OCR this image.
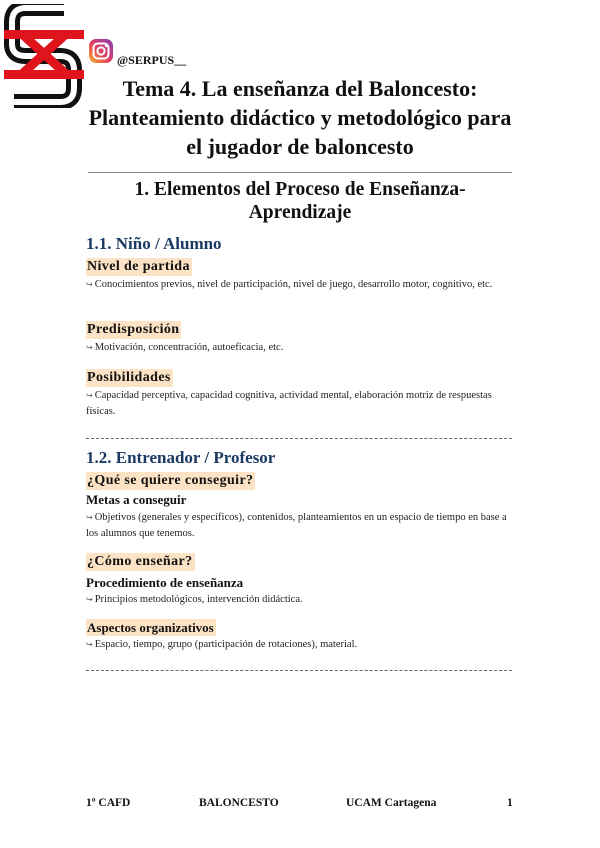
@SERPUS__
Tema 4. La enseñanza del Baloncesto: Planteamiento didáctico y metodológico para el jugador de baloncesto
1. Elementos del Proceso de Enseñanza-Aprendizaje
1.1. Niño / Alumno
Nivel de partida
↪ Conocimientos previos, nivel de participación, nivel de juego, desarrollo motor, cognitivo, etc.
Predisposición
↪ Motivación, concentración, autoeficacia, etc.
Posibilidades
↪ Capacidad perceptiva, capacidad cognitiva, actividad mental, elaboración motriz de respuestas físicas.
1.2. Entrenador / Profesor
¿Qué se quiere conseguir?
Metas a conseguir
↪ Objetivos (generales y específicos), contenidos, planteamientos en un espacio de tiempo en base a los alumnos que tenemos.
¿Cómo enseñar?
Procedimiento de enseñanza
↪ Principios metodológicos, intervención didáctica.
Aspectos organizativos
↪ Espacio, tiempo, grupo (participación de rotaciones), material.
1º CAFD	BALONCESTO	UCAM Cartagena	1
